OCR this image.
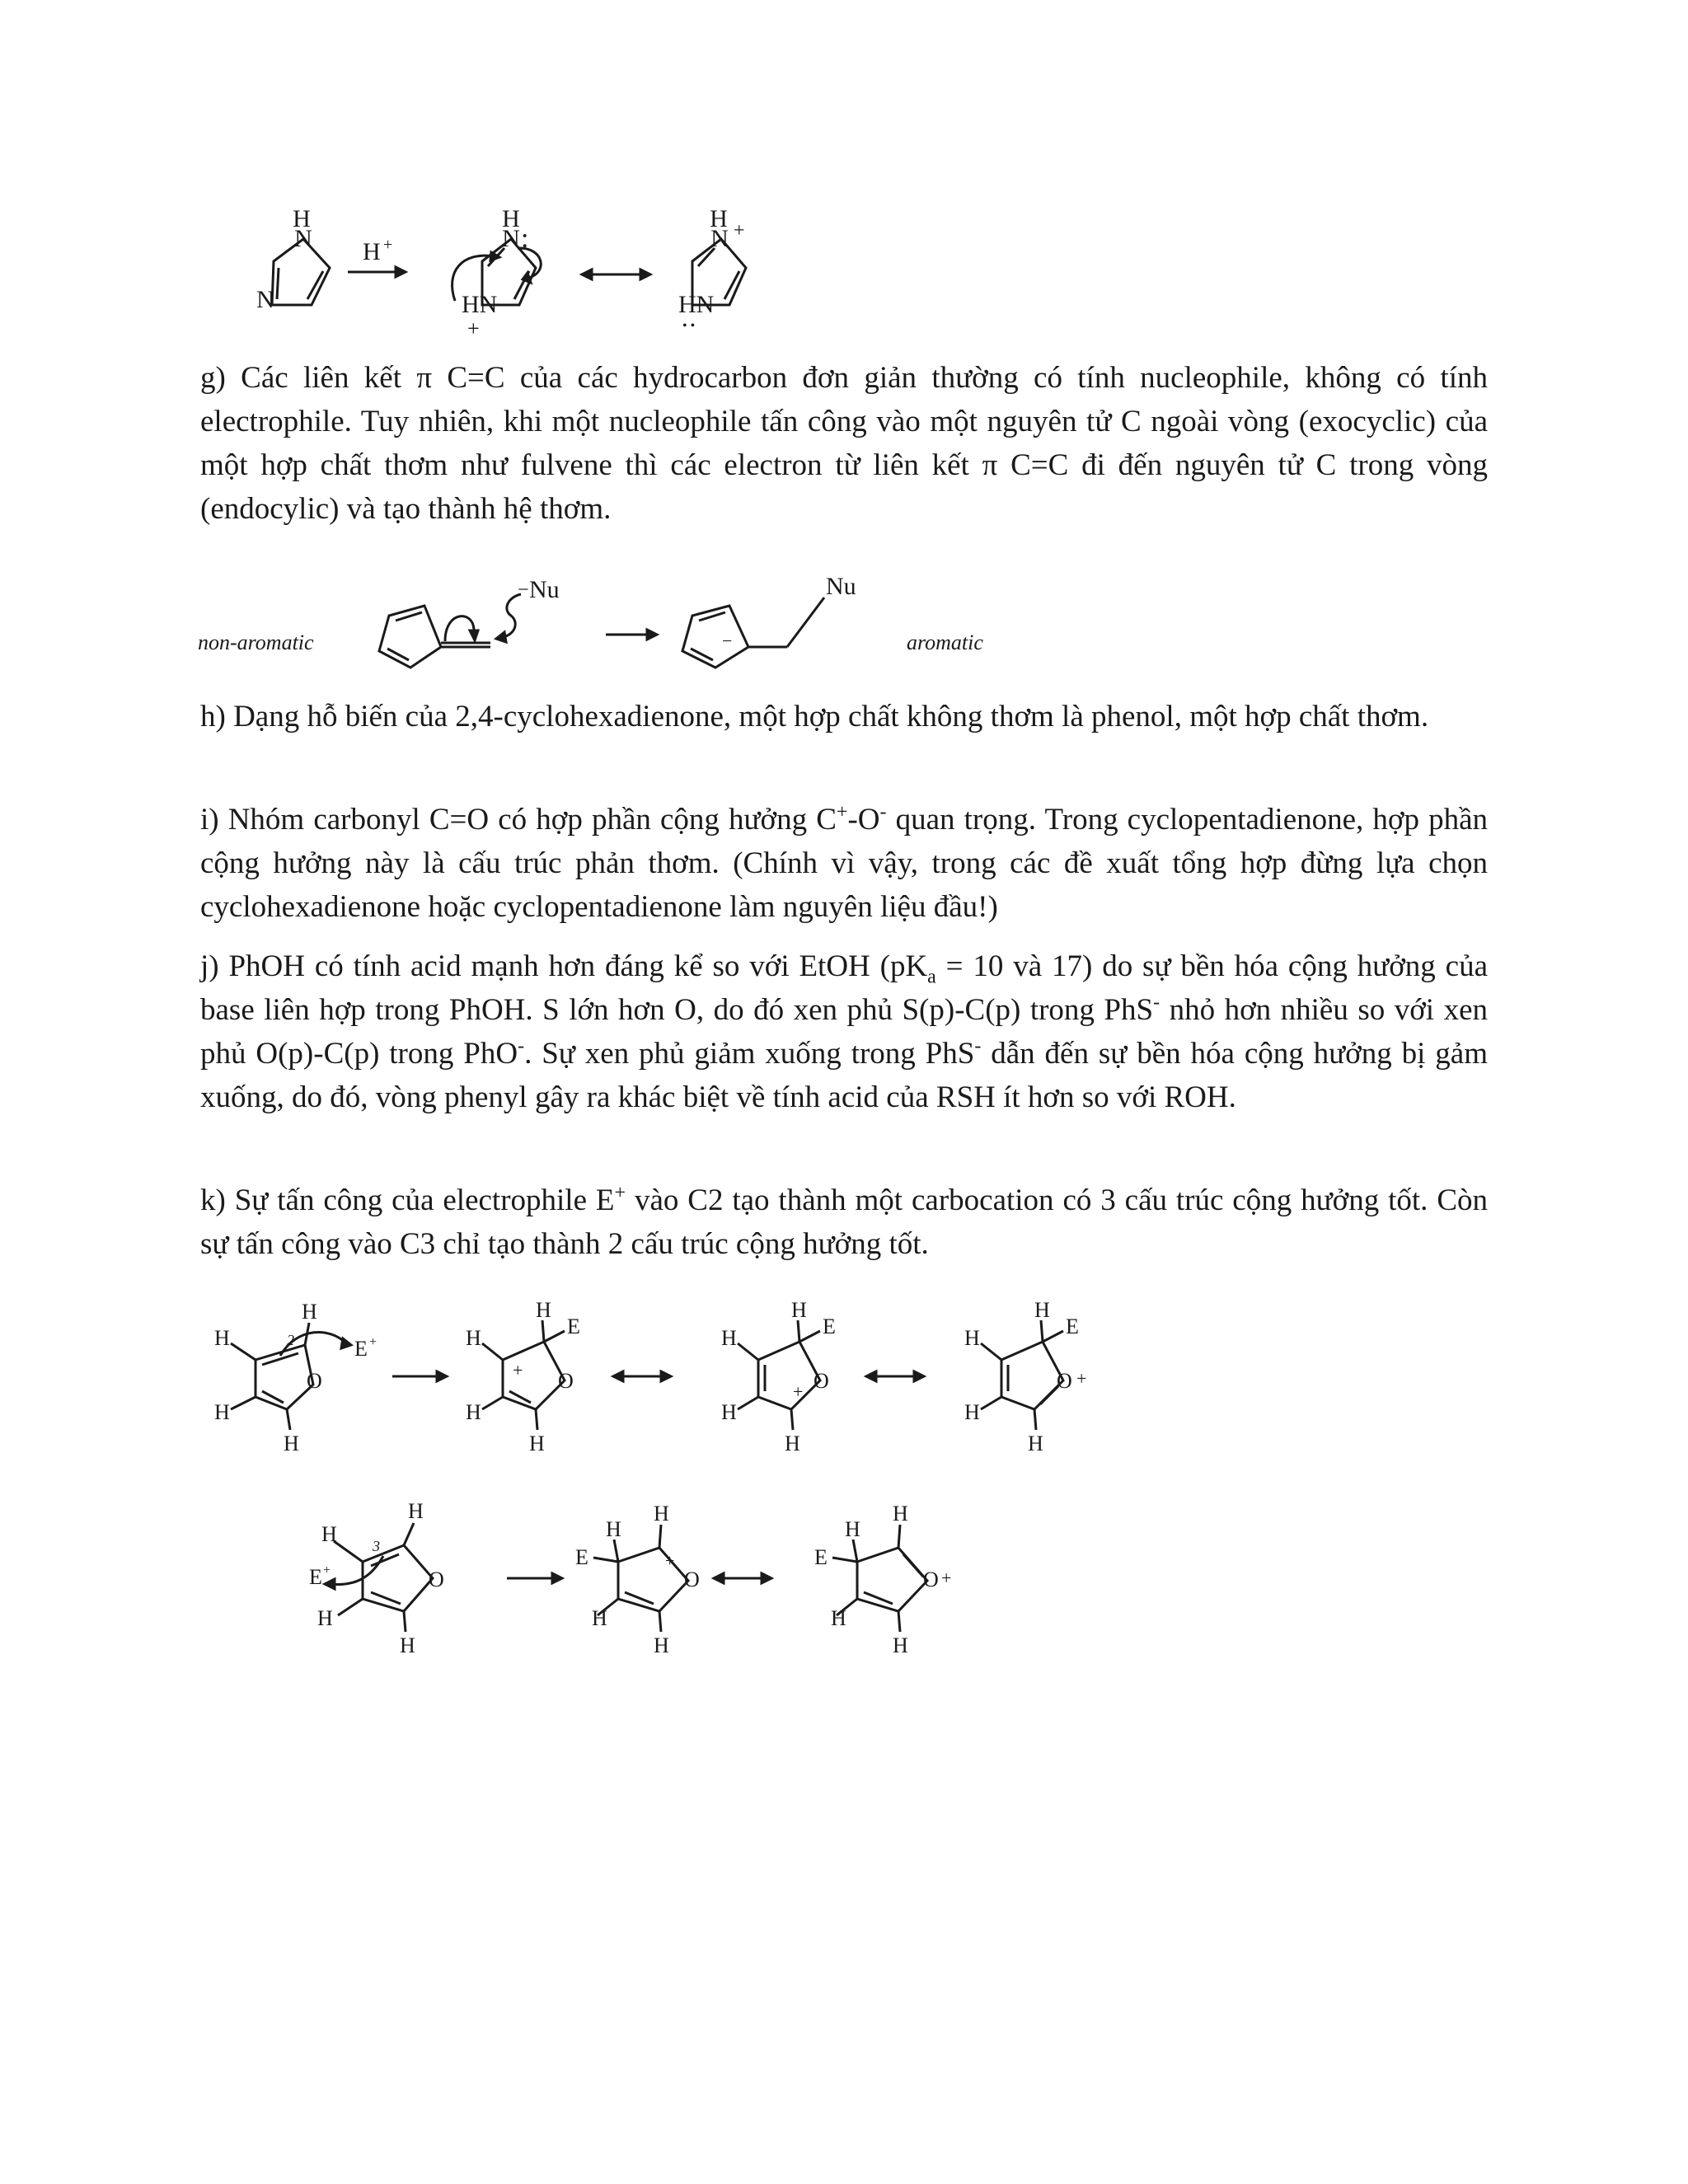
H
N
N
H +
H
N :
HN
+
H
N +
HN
••

g) Các liên kết π C=C của các hydrocarbon đơn giản thường có tính nucleophile, không có tính electrophile. Tuy nhiên, khi một nucleophile tấn công vào một nguyên tử C ngoài vòng (exocyclic) của một hợp chất thơm như fulvene thì các electron từ liên kết π C=C đi đến nguyên tử C trong vòng (endocylic) và tạo thành hệ thơm.

non-aromatic	aromatic
− Nu
−
Nu

h) Dạng hỗ biến của 2,4-cyclohexadienone, một hợp chất không thơm là phenol, một hợp chất thơm.

i) Nhóm carbonyl C=O có hợp phần cộng hưởng C+-O- quan trọng. Trong cyclopentadienone, hợp phần cộng hưởng này là cấu trúc phản thơm. (Chính vì vậy, trong các đề xuất tổng hợp đừng lựa chọn cyclohexadienone hoặc cyclopentadienone làm nguyên liệu đầu!)

j) PhOH có tính acid mạnh hơn đáng kể so với EtOH ($pK_a = 10$ và 17) do sự bền hóa cộng hưởng của base liên hợp trong PhOH. S lớn hơn O, do đó xen phủ S(p)-C(p) trong PhS- nhỏ hơn nhiều so với xen phủ O(p)-C(p) trong PhO-. Sự xen phủ giảm xuống trong PhS- dẫn đến sự bền hóa cộng hưởng bị gảm xuống, do đó, vòng phenyl gây ra khác biệt về tính acid của RSH ít hơn so với ROH.

k) Sự tấn công của electrophile E+ vào C2 tạo thành một carbocation có 3 cấu trúc cộng hưởng tốt. Còn sự tấn công vào C3 chỉ tạo thành 2 cấu trúc cộng hưởng tốt.

H
H
H
H
O
2	E +	H
H
H
E
H
O
+
H
H
H
E
H
O
+
H
H
H
E
H
O +
H
H
H
H
O
3
E +
H
E
H
H
H
O
+
H
E
H
H
H
O +
